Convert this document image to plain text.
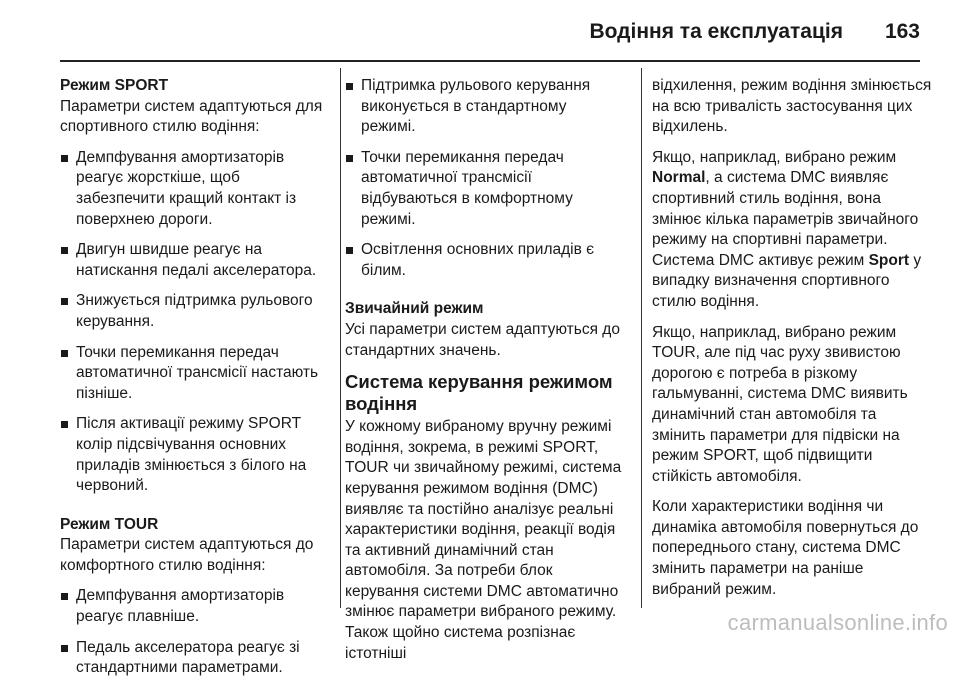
Водіння та експлуатація 163

Режим SPORT

Параметри систем адаптуються для спортивного стилю водіння:

Демпфування амортизаторів реагує жорсткіше, щоб забезпечити кращий контакт із поверхнею дороги.
Двигун швидше реагує на натискання педалі акселератора.
Знижується підтримка рульового керування.
Точки перемикання передач автоматичної трансмісії настають пізніше.
Після активації режиму SPORT колір підсвічування основних приладів змінюється з білого на червоний.

Режим TOUR

Параметри систем адаптуються до комфортного стилю водіння:

Демпфування амортизаторів реагує плавніше.
Педаль акселератора реагує зі стандартними параметрами.
Підтримка рульового керування виконується в стандартному режимі.
Точки перемикання передач автоматичної трансмісії відбуваються в комфортному режимі.
Освітлення основних приладів є білим.

Звичайний режим

Усі параметри систем адаптуються до стандартних значень.

Система керування режимом водіння

У кожному вибраному вручну режимі водіння, зокрема, в режимі SPORT, TOUR чи звичайному режимі, система керування режимом водіння (DMC) виявляє та постійно аналізує реальні характеристики водіння, реакції водія та активний динамічний стан автомобіля. За потреби блок керування системи DMC автоматично змінює параметри вибраного режиму. Також щойно система розпізнає істотніші

відхилення, режим водіння змінюється на всю тривалість застосування цих відхилень.

Якщо, наприклад, вибрано режим Normal, а система DMC виявляє спортивний стиль водіння, вона змінює кілька параметрів звичайного режиму на спортивні параметри. Система DMC активує режим Sport у випадку визначення спортивного стилю водіння.

Якщо, наприклад, вибрано режим TOUR, але під час руху звивистою дорогою є потреба в різкому гальмуванні, система DMC виявить динамічний стан автомобіля та змінить параметри для підвіски на режим SPORT, щоб підвищити стійкість автомобіля.

Коли характеристики водіння чи динаміка автомобіля повернуться до попереднього стану, система DMC змінить параметри на раніше вибраний режим.

carmanualsonline.info
